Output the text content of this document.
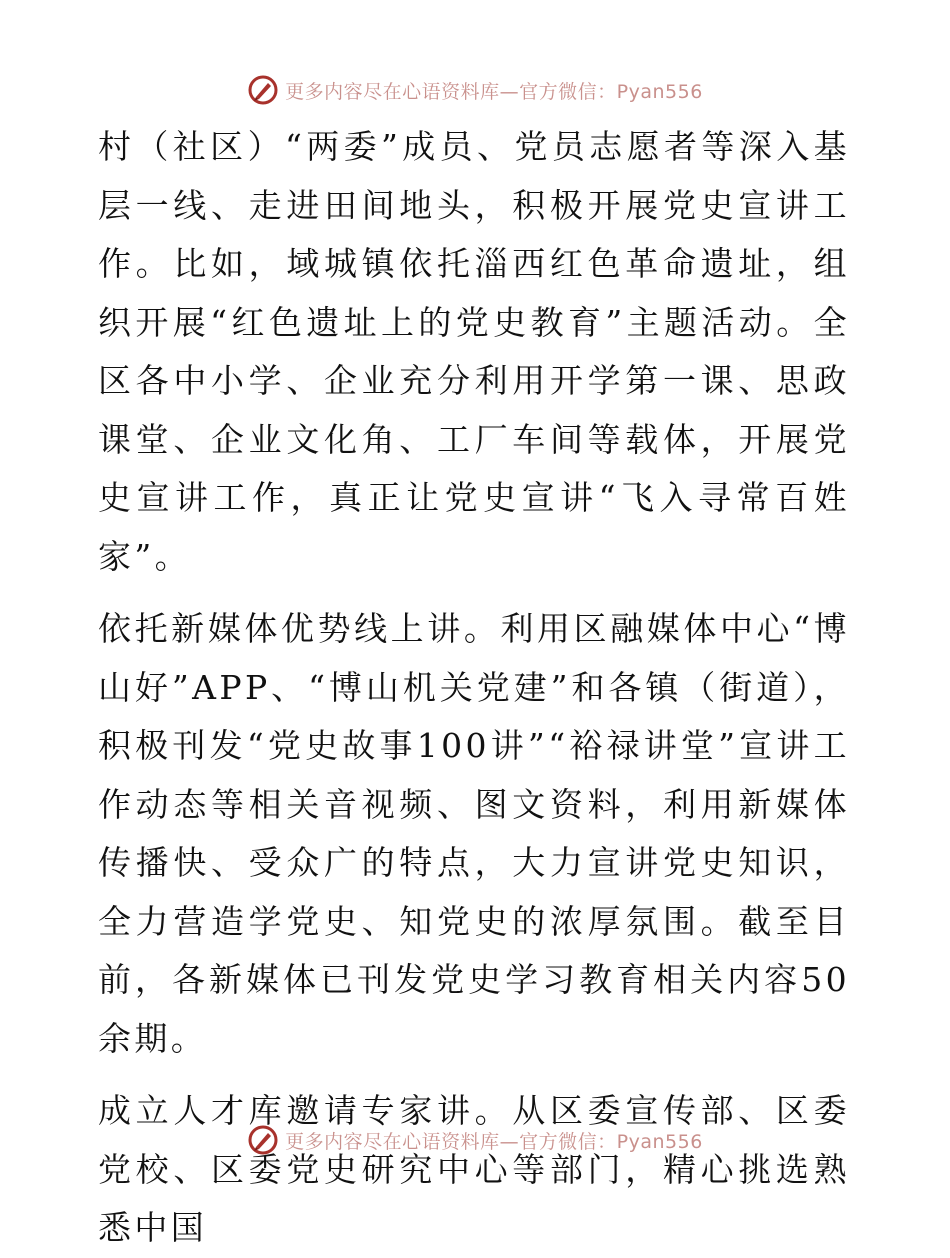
更多内容尽在心语资料库—官方微信：Pyan556

村（社区）“两委”成员、党员志愿者等深入基层一线、走进田间地头，积极开展党史宣讲工作。比如，域城镇依托淄西红色革命遗址，组织开展“红色遗址上的党史教育”主题活动。全区各中小学、企业充分利用开学第一课、思政课堂、企业文化角、工厂车间等载体，开展党史宣讲工作，真正让党史宣讲“飞入寻常百姓家”。

依托新媒体优势线上讲。利用区融媒体中心“博山好”APP、“博山机关党建”和各镇（街道），积极刊发“党史故事100讲”“裕禄讲堂”宣讲工作动态等相关音视频、图文资料，利用新媒体传播快、受众广的特点，大力宣讲党史知识，全力营造学党史、知党史的浓厚氛围。截至目前，各新媒体已刊发党史学习教育相关内容50余期。

成立人才库邀请专家讲。从区委宣传部、区委党校、区委党史研究中心等部门，精心挑选熟悉中国

更多内容尽在心语资料库—官方微信：Pyan556
